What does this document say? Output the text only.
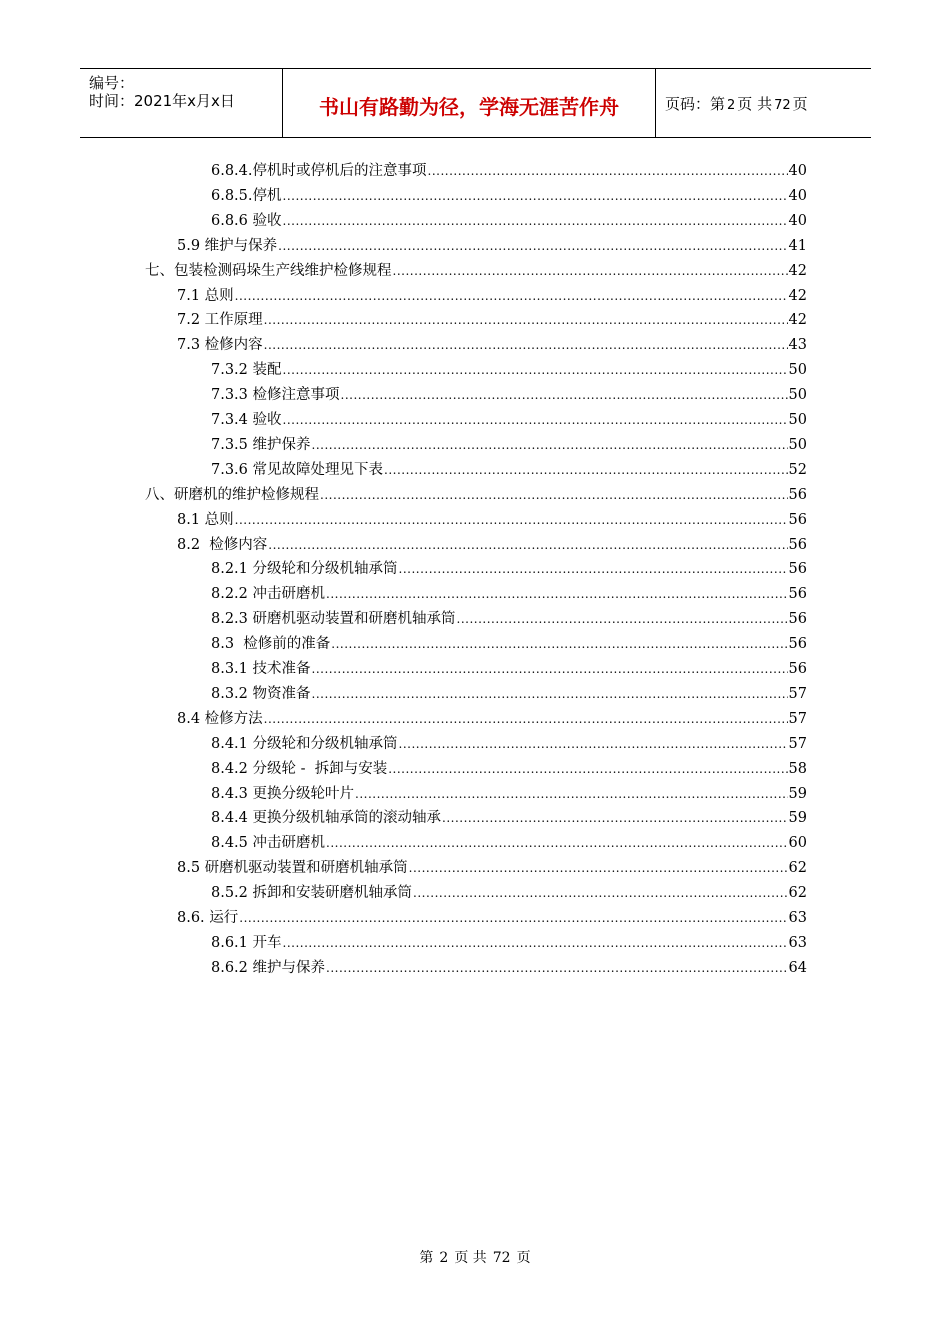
编号：
时间：2021年x月x日	书山有路勤为径，学海无涯苦作舟	页码：第 2 页 共 72 页
6.8.4.停机时或停机后的注意事项 .....	40
6.8.5.停机 .....	40
6.8.6 验收 .....	40
5.9 维护与保养 .....	41
七、包装检测码垛生产线维护检修规程 .....	42
7.1 总则 .....	42
7.2 工作原理 .....	42
7.3 检修内容 .....	43
7.3.2 装配 .....	50
7.3.3 检修注意事项 .....	50
7.3.4 验收 .....	50
7.3.5 维护保养 .....	50
7.3.6 常见故障处理见下表 .....	52
八、研磨机的维护检修规程 .....	56
8.1 总则 .....	56
8.2  检修内容 .....	56
8.2.1 分级轮和分级机轴承筒 .....	56
8.2.2 冲击研磨机 .....	56
8.2.3 研磨机驱动装置和研磨机轴承筒 .....	56
8.3  检修前的准备 .....	56
8.3.1 技术准备 .....	56
8.3.2 物资准备 .....	57
8.4 检修方法 .....	57
8.4.1 分级轮和分级机轴承筒 .....	57
8.4.2 分级轮 -  拆卸与安装 .....	58
8.4.3 更换分级轮叶片 .....	59
8.4.4 更换分级机轴承筒的滚动轴承 .....	59
8.4.5 冲击研磨机 .....	60
8.5 研磨机驱动装置和研磨机轴承筒 .....	62
8.5.2 拆卸和安装研磨机轴承筒 .....	62
8.6. 运行 .....	63
8.6.1 开车 .....	63
8.6.2 维护与保养 .....	64
第 2 页 共 72 页
